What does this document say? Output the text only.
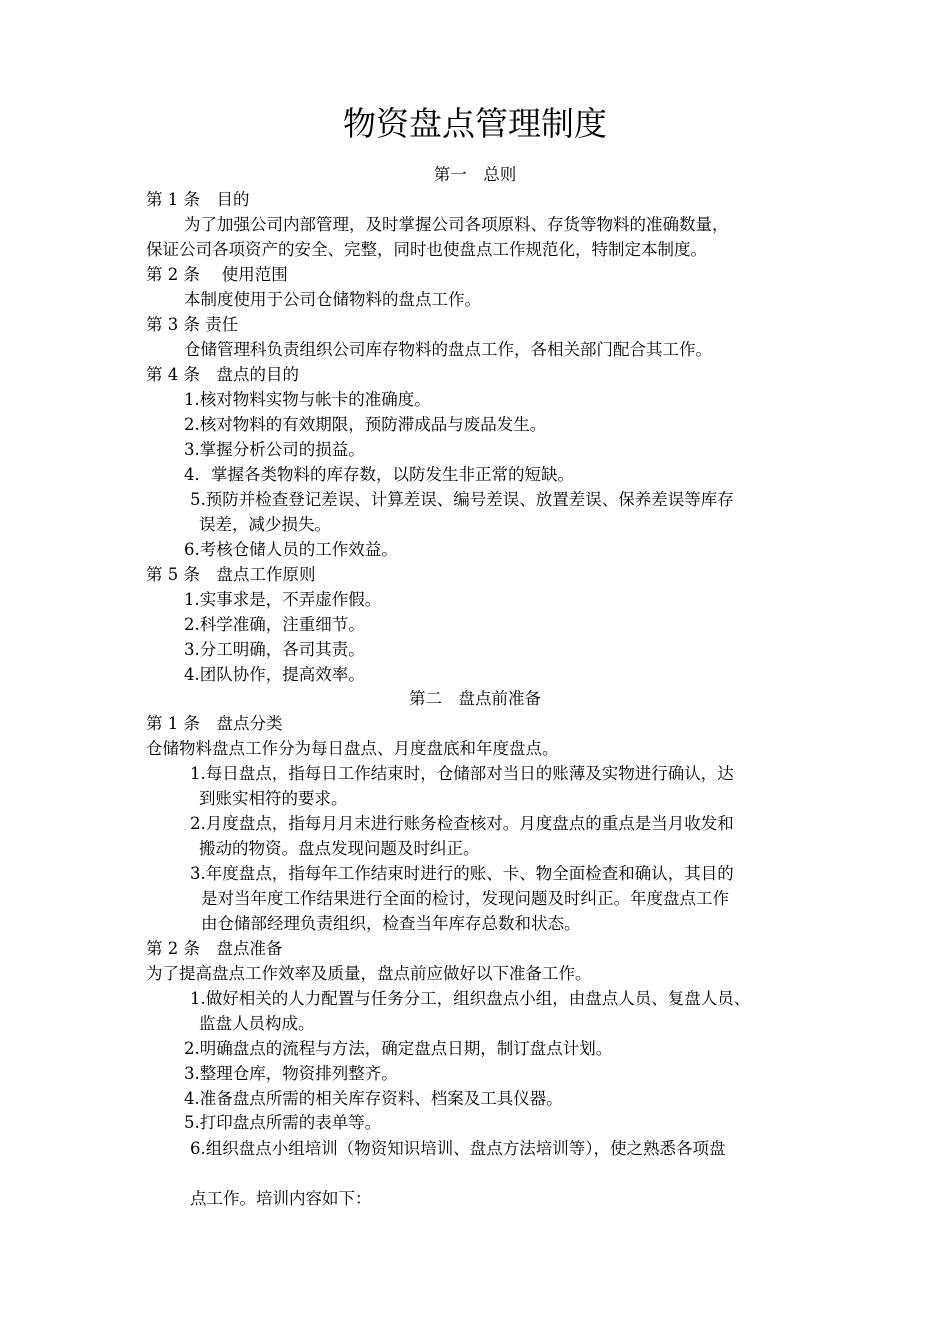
物资盘点管理制度
第一　总则
第 1 条　目的
为了加强公司内部管理，及时掌握公司各项原料、存货等物料的准确数量，
保证公司各项资产的安全、完整，同时也使盘点工作规范化，特制定本制度。
第 2 条　 使用范围
本制度使用于公司仓储物料的盘点工作。
第 3 条 责任
仓储管理科负责组织公司库存物料的盘点工作，各相关部门配合其工作。
第 4 条　盘点的目的
1.核对物料实物与帐卡的准确度。
2.核对物料的有效期限，预防滞成品与废品发生。
3.掌握分析公司的损益。
4．掌握各类物料的库存数，以防发生非正常的短缺。
5.预防并检查登记差误、计算差误、编号差误、放置差误、保养差误等库存
误差，减少损失。
6.考核仓储人员的工作效益。
第 5 条　盘点工作原则
1.实事求是，不弄虚作假。
2.科学准确，注重细节。
3.分工明确，各司其责。
4.团队协作，提高效率。
第二　盘点前准备
第 1 条　盘点分类
仓储物料盘点工作分为每日盘点、月度盘底和年度盘点。
1.每日盘点，指每日工作结束时，仓储部对当日的账薄及实物进行确认，达
到账实相符的要求。
2.月度盘点，指每月月末进行账务检查核对。月度盘点的重点是当月收发和
搬动的物资。盘点发现问题及时纠正。
3.年度盘点，指每年工作结束时进行的账、卡、物全面检查和确认，其目的
是对当年度工作结果进行全面的检讨，发现问题及时纠正。年度盘点工作
由仓储部经理负责组织，检查当年库存总数和状态。
第 2 条　盘点准备
为了提高盘点工作效率及质量，盘点前应做好以下准备工作。
1.做好相关的人力配置与任务分工，组织盘点小组，由盘点人员、复盘人员、
监盘人员构成。
2.明确盘点的流程与方法，确定盘点日期，制订盘点计划。
3.整理仓库，物资排列整齐。
4.准备盘点所需的相关库存资料、档案及工具仪器。
5.打印盘点所需的表单等。
6.组织盘点小组培训（物资知识培训、盘点方法培训等），使之熟悉各项盘
点工作。培训内容如下：
